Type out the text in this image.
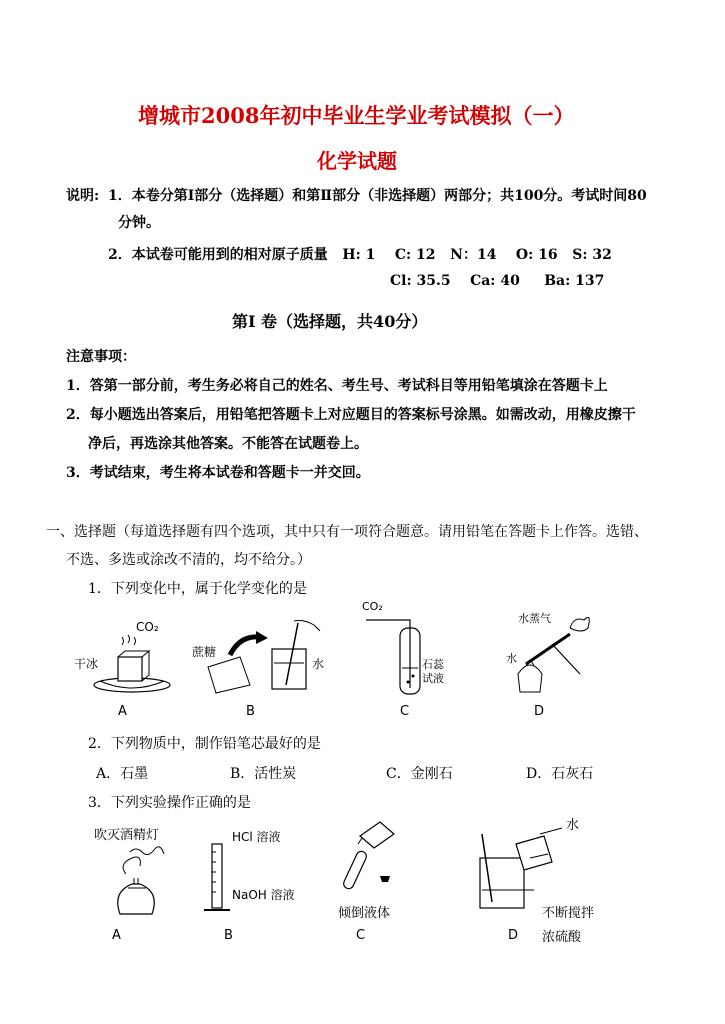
增城市2008年初中毕业生学业考试模拟（一）
化学试题
说明: 1．本卷分第Ⅰ部分（选择题）和第Ⅱ部分（非选择题）两部分；共100分。考试时间80
分钟。
2．本试卷可能用到的相对原子质量   H: 1    C: 12   N：14    O: 16   S: 32
Cl: 35.5    Ca: 40     Ba: 137
第Ⅰ 卷（选择题，共40分）
注意事项：
1．答第一部分前，考生务必将自己的姓名、考生号、考试科目等用铅笔填涂在答题卡上
2．每小题选出答案后，用铅笔把答题卡上对应题目的答案标号涂黑。如需改动，用橡皮擦干
净后，再选涂其他答案。不能答在试题卷上。
3．考试结束，考生将本试卷和答题卡一并交回。
一、选择题（每道选择题有四个选项，其中只有一项符合题意。请用铅笔在答题卡上作答。选错、
不选、多选或涂改不清的，均不给分。）
1．下列变化中，属于化学变化的是
干冰
CO₂
A
蔗糖
水
B
CO₂
石蕊
试液
C
水蒸气
水
D
2．下列物质中，制作铅笔芯最好的是
A．石墨	B．活性炭	C．金刚石	D．石灰石
3．下列实验操作正确的是
吹灭酒精灯
A
HCl 溶液
NaOH 溶液
B
倾倒液体
C
水
不断搅拌
D 浓硫酸
